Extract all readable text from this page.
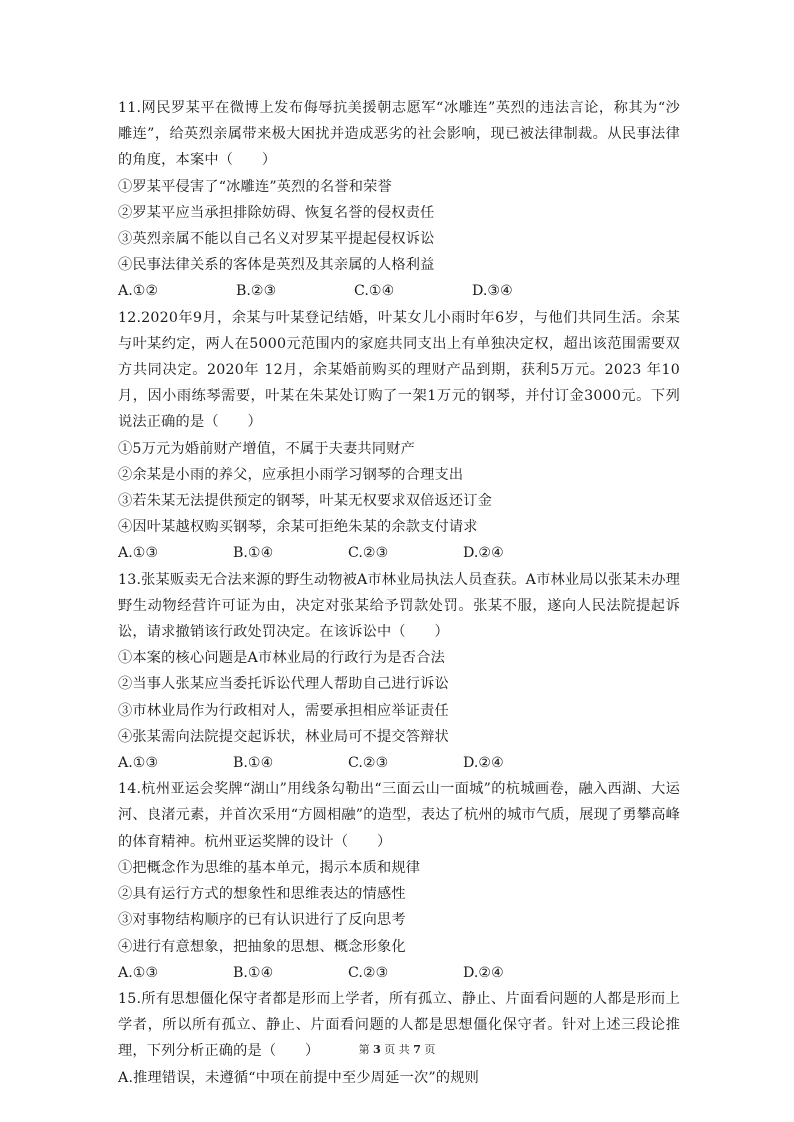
11.网民罗某平在微博上发布侮辱抗美援朝志愿军“冰雕连”英烈的违法言论，称其为“沙雕连”，给英烈亲属带来极大困扰并造成恶劣的社会影响，现已被法律制裁。从民事法律的角度，本案中（　　）

①罗某平侵害了“冰雕连”英烈的名誉和荣誉

②罗某平应当承担排除妨碍、恢复名誉的侵权责任

③英烈亲属不能以自己名义对罗某平提起侵权诉讼

④民事法律关系的客体是英烈及其亲属的人格利益

A.①②	B.②③	C.①④	D.③④

12.2020年9月，余某与叶某登记结婚，叶某女儿小雨时年6岁，与他们共同生活。余某与叶某约定，两人在5000元范围内的家庭共同支出上有单独决定权，超出该范围需要双方共同决定。2020年 12月，余某婚前购买的理财产品到期，获利5万元。2023 年10月，因小雨练琴需要，叶某在朱某处订购了一架1万元的钢琴，并付订金3000元。下列说法正确的是（　　）

①5万元为婚前财产增值，不属于夫妻共同财产

②余某是小雨的养父，应承担小雨学习钢琴的合理支出

③若朱某无法提供预定的钢琴，叶某无权要求双倍返还订金

④因叶某越权购买钢琴，余某可拒绝朱某的余款支付请求

A.①③	B.①④	C.②③	D.②④

13.张某贩卖无合法来源的野生动物被A市林业局执法人员查获。A市林业局以张某未办理野生动物经营许可证为由，决定对张某给予罚款处罚。张某不服，遂向人民法院提起诉讼，请求撤销该行政处罚决定。在该诉讼中（　　）

①本案的核心问题是A市林业局的行政行为是否合法

②当事人张某应当委托诉讼代理人帮助自己进行诉讼

③市林业局作为行政相对人，需要承担相应举证责任

④张某需向法院提交起诉状，林业局可不提交答辩状

A.①③	B.①④	C.②③	D.②④

14.杭州亚运会奖牌“湖山”用线条勾勒出“三面云山一面城”的杭城画卷，融入西湖、大运河、良渚元素，并首次采用“方圆相融”的造型，表达了杭州的城市气质，展现了勇攀高峰的体育精神。杭州亚运奖牌的设计（　　）

①把概念作为思维的基本单元，揭示本质和规律

②具有运行方式的想象性和思维表达的情感性

③对事物结构顺序的已有认识进行了反向思考

④进行有意想象，把抽象的思想、概念形象化

A.①③	B.①④	C.②③	D.②④

15.所有思想僵化保守者都是形而上学者，所有孤立、静止、片面看问题的人都是形而上学者，所以所有孤立、静止、片面看问题的人都是思想僵化保守者。针对上述三段论推理，下列分析正确的是（　　）

A.推理错误，未遵循“中项在前提中至少周延一次”的规则

第 3 页 共 7 页
